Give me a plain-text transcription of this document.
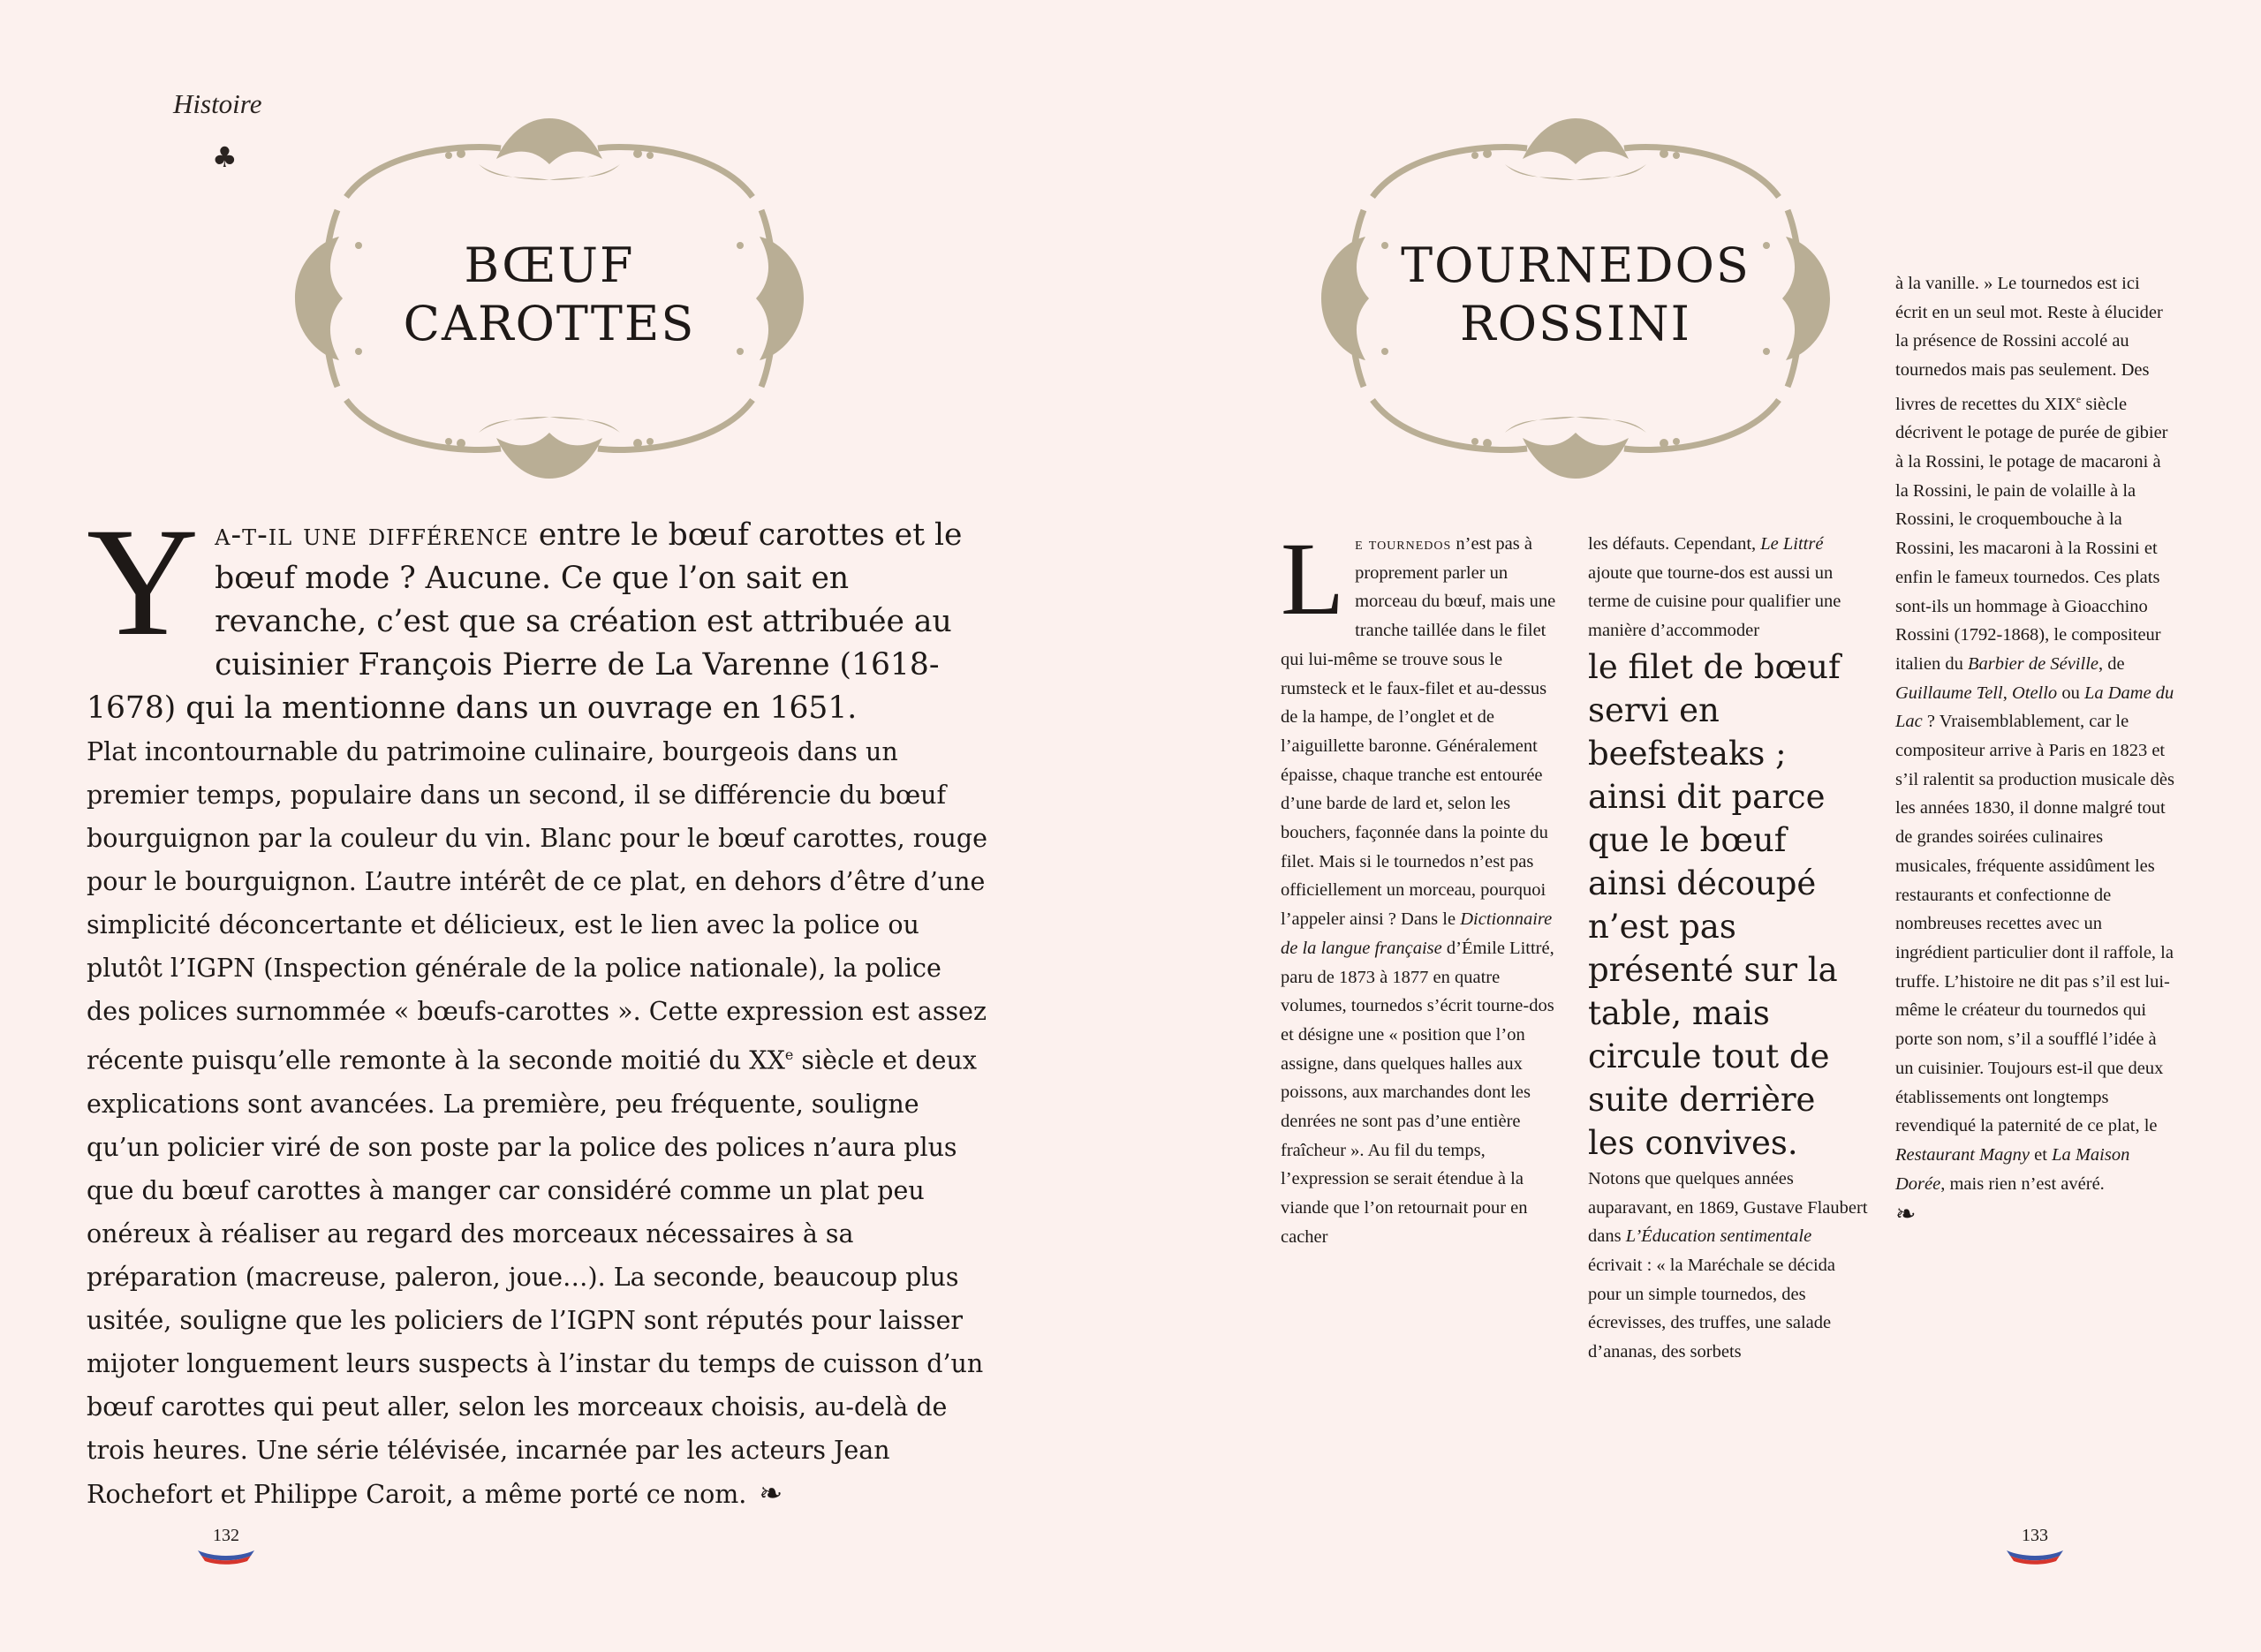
Histoire
♣
BŒUF
CAROTTES
TOURNEDOS
ROSSINI
Y a-t-il une différence entre le bœuf carottes et le bœuf mode ? Aucune. Ce que l’on sait en revanche, c’est que sa création est attribuée au cuisinier François Pierre de La Varenne (1618-1678) qui la mentionne dans un ouvrage en 1651.

Plat incontournable du patrimoine culinaire, bourgeois dans un premier temps, populaire dans un second, il se différencie du bœuf bourguignon par la couleur du vin. Blanc pour le bœuf carottes, rouge pour le bourguignon. L’autre intérêt de ce plat, en dehors d’être d’une simplicité déconcertante et délicieux, est le lien avec la police ou plutôt l’IGPN (Inspection générale de la police nationale), la police des polices surnommée « bœufs-carottes ». Cette expression est assez récente puisqu’elle remonte à la seconde moitié du XXe siècle et deux explications sont avancées. La première, peu fréquente, souligne qu’un policier viré de son poste par la police des polices n’aura plus que du bœuf carottes à manger car considéré comme un plat peu onéreux à réaliser au regard des morceaux nécessaires à sa préparation (macreuse, paleron, joue…). La seconde, beaucoup plus usitée, souligne que les policiers de l’IGPN sont réputés pour laisser mijoter longuement leurs suspects à l’instar du temps de cuisson d’un bœuf carottes qui peut aller, selon les morceaux choisis, au-delà de trois heures. Une série télévisée, incarnée par les acteurs Jean Rochefort et Philippe Caroit, a même porté ce nom. ❧

132

Le tournedos n’est pas à proprement parler un morceau du bœuf, mais une tranche taillée dans le filet qui lui-même se trouve sous le rumsteck et le faux-filet et au-dessus de la hampe, de l’onglet et de l’aiguillette baronne. Généralement épaisse, chaque tranche est entourée d’une barde de lard et, selon les bouchers, façonnée dans la pointe du filet. Mais si le tournedos n’est pas officiellement un morceau, pourquoi l’appeler ainsi ? Dans le Dictionnaire de la langue française d’Émile Littré, paru de 1873 à 1877 en quatre volumes, tournedos s’écrit tourne-dos et désigne une « position que l’on assigne, dans quelques halles aux poissons, aux marchandes dont les denrées ne sont pas d’une entière fraîcheur ». Au fil du temps, l’expression se serait étendue à la viande que l’on retournait pour en cacher

les défauts. Cependant, Le Littré ajoute que tourne-dos est aussi un terme de cuisine pour qualifier une manière d’accommoder

le filet de bœuf servi en beefsteaks ; ainsi dit parce que le bœuf ainsi découpé n’est pas présenté sur la table, mais circule tout de suite derrière les convives.

Notons que quelques années auparavant, en 1869, Gustave Flaubert dans L’Éducation sentimentale écrivait : « la Maréchale se décida pour un simple tournedos, des écrevisses, des truffes, une salade d’ananas, des sorbets

à la vanille. » Le tournedos est ici écrit en un seul mot. Reste à élucider la présence de Rossini accolé au tournedos mais pas seulement. Des livres de recettes du XIXe siècle décrivent le potage de purée de gibier à la Rossini, le potage de macaroni à la Rossini, le pain de volaille à la Rossini, le croquembouche à la Rossini, les macaroni à la Rossini et enfin le fameux tournedos. Ces plats sont-ils un hommage à Gioacchino Rossini (1792-1868), le compositeur italien du Barbier de Séville, de Guillaume Tell, Otello ou La Dame du Lac ? Vraisemblablement, car le compositeur arrive à Paris en 1823 et s’il ralentit sa production musicale dès les années 1830, il donne malgré tout de grandes soirées culinaires musicales, fréquente assidûment les restaurants et confectionne de nombreuses recettes avec un ingrédient particulier dont il raffole, la truffe. L’histoire ne dit pas s’il est lui-même le créateur du tournedos qui porte son nom, s’il a soufflé l’idée à un cuisinier. Toujours est-il que deux établissements ont longtemps revendiqué la paternité de ce plat, le Restaurant Magny et La Maison Dorée, mais rien n’est avéré.

❧
133
